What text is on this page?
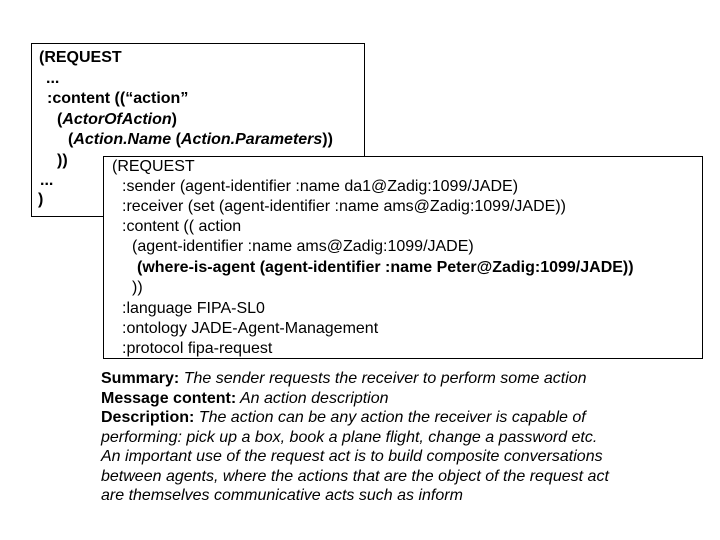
(REQUEST
...
:content ((“action”
(ActorOfAction)
(Action.Name (Action.Parameters))
))
...
)
(REQUEST
:sender (agent-identifier :name da1@Zadig:1099/JADE)
:receiver (set (agent-identifier :name ams@Zadig:1099/JADE))
:content (( action
(agent-identifier :name ams@Zadig:1099/JADE)
(where-is-agent (agent-identifier :name Peter@Zadig:1099/JADE))
))
:language FIPA-SL0
:ontology JADE-Agent-Management
:protocol fipa-request
Summary: The sender requests the receiver to perform some action
Message content: An action description
Description: The action can be any action the receiver is capable of
performing: pick up a box, book a plane flight, change a password etc.
An important use of the request act is to build composite conversations
between agents, where the actions that are the object of the request act
are themselves communicative acts such as inform
